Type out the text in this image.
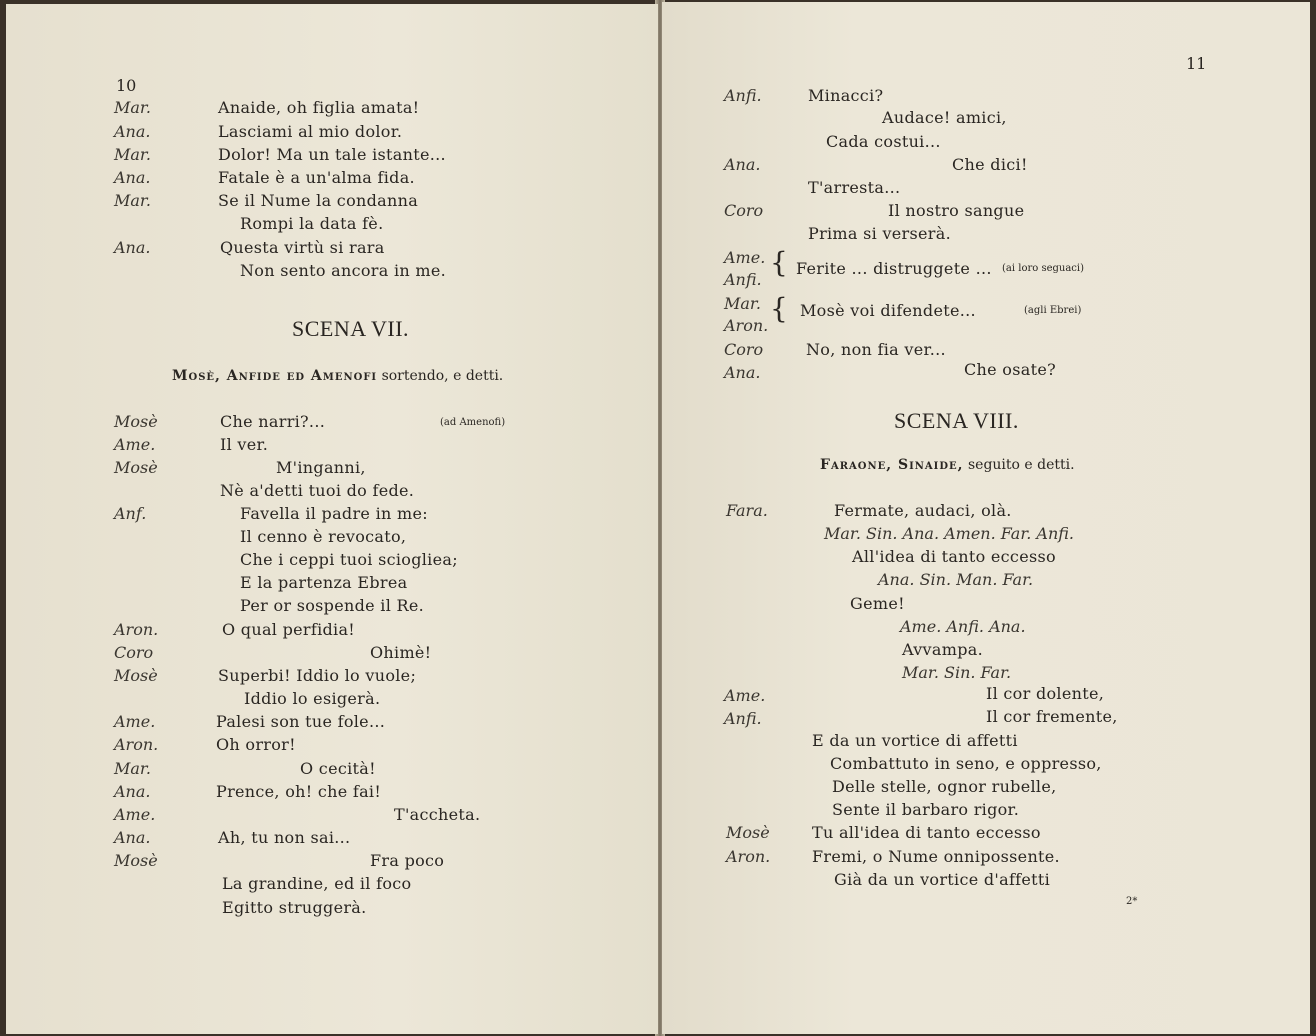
10
Mar.	Anaide, oh figlia amata!
Ana.	Lasciami al mio dolor.
Mar.	Dolor! Ma un tale istante...
Ana.	Fatale è a un'alma fida.
Mar.	Se il Nume la condanna
Rompi la data fè.
Ana.	Questa virtù si rara
Non sento ancora in me.
SCENA VII.
Mosè, Anfide ed Amenofi sortendo, e detti.
Mosè	Che narri?...	(ad Amenofi)
Ame.	Il ver.
Mosè	M'inganni,
Nè a'detti tuoi do fede.
Anf.	Favella il padre in me:
Il cenno è revocato,
Che i ceppi tuoi scioglieа;
E la partenza Ebrea
Per or sospende il Re.
Aron.	O qual perfidia!
Coro	Ohimè!
Mosè	Superbi! Iddio lo vuole;
Iddio lo esigerà.
Ame.	Palesi son tue fole...
Aron.	Oh orror!
Mar.	O cecità!
Ana.	Prence, oh! che fai!
Ame.	T'accheta.
Ana.	Ah, tu non sai...
Mosè	Fra poco
La grandine, ed il foco
Egitto struggerà.
11
Anfi.	Minacci?
Audace! amici,
Cada costui...
Ana.	Che dici!
T'arresta...
Coro	Il nostro sangue
Prima si verserà.
Ame.
Anfi.
{ Ferite ... distruggete ... (ai loro seguaci)
Mar.
Aron.
{ Mosè voi difendete...	(agli Ebrei)
Coro	No, non fia ver...
Ana.	Che osate?
SCENA VIII.
Faraone, Sinaide, seguito e detti.
Fara.	Fermate, audaci, olà.
Mar. Sin. Ana. Amen. Far. Anfi.
All'idea di tanto eccesso
Ana. Sin. Man. Far.
Geme!
Ame. Anfi. Ana.
Avvampa.
Mar. Sin. Far.
Ame.	Il cor dolente,
Anfi.	Il cor fremente,
E da un vortice di affetti
Combattuto in seno, e oppresso,
Delle stelle, ognor rubelle,
Sente il barbaro rigor.
Mosè	Tu all'idea di tanto eccesso
Aron.	Fremi, o Nume onnipossente.
Già da un vortice d'affetti
2*
